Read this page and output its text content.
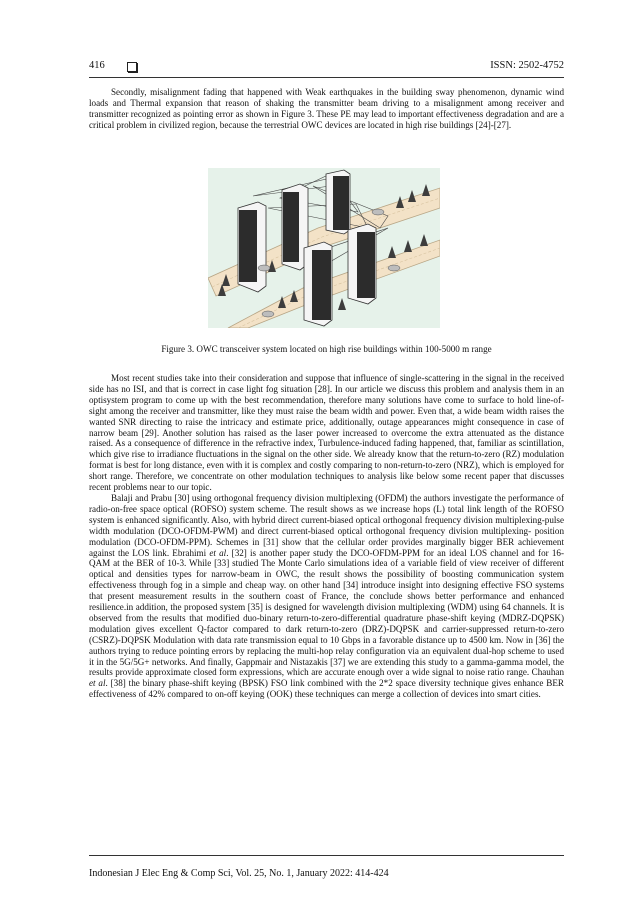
416	ISSN: 2502-4752

Secondly, misalignment fading that happened with Weak earthquakes in the building sway phenomenon, dynamic wind loads and Thermal expansion that reason of shaking the transmitter beam driving to a misalignment among receiver and transmitter recognized as pointing error as shown in Figure 3. These PE may lead to important effectiveness degradation and are a critical problem in civilized region, because the terrestrial OWC devices are located in high rise buildings [24]-[27].

Figure 3. OWC transceiver system located on high rise buildings within 100-5000 m range

Most recent studies take into their consideration and suppose that influence of single-scattering in the signal in the received side has no ISI, and that is correct in case light fog situation [28]. In our article we discuss this problem and analysis them in an optisystem program to come up with the best recommendation, therefore many solutions have come to surface to hold line-of-sight among the receiver and transmitter, like they must raise the beam width and power. Even that, a wide beam width raises the wanted SNR directing to raise the intricacy and estimate price, additionally, outage appearances might consequence in case of narrow beam [29]. Another solution has raised as the laser power increased to overcome the extra attenuated as the distance raised. As a consequence of difference in the refractive index, Turbulence-induced fading happened, that, familiar as scintillation, which give rise to irradiance fluctuations in the signal on the other side. We already know that the return-to-zero (RZ) modulation format is best for long distance, even with it is complex and costly comparing to non-return-to-zero (NRZ), which is employed for short range. Therefore, we concentrate on other modulation techniques to analysis like below some recent paper that discusses recent problems near to our topic.

Balaji and Prabu [30] using orthogonal frequency division multiplexing (OFDM) the authors investigate the performance of radio-on-free space optical (ROFSO) system scheme. The result shows as we increase hops (L) total link length of the ROFSO system is enhanced significantly. Also, with hybrid direct current-biased optical orthogonal frequency division multiplexing-pulse width modulation (DCO-OFDM-PWM) and direct current-biased optical orthogonal frequency division multiplexing- position modulation (DCO-OFDM-PPM). Schemes in [31] show that the cellular order provides marginally bigger BER achievement against the LOS link. Ebrahimi et al. [32] is another paper study the DCO-OFDM-PPM for an ideal LOS channel and for 16- QAM at the BER of 10-3. While [33] studied The Monte Carlo simulations idea of a variable field of view receiver of different optical and densities types for narrow-beam in OWC, the result shows the possibility of boosting communication system effectiveness through fog in a simple and cheap way. on other hand [34] introduce insight into designing effective FSO systems that present measurement results in the southern coast of France, the conclude shows better performance and enhanced resilience.in addition, the proposed system [35] is designed for wavelength division multiplexing (WDM) using 64 channels. It is observed from the results that modified duo-binary return-to-zero-differential quadrature phase-shift keying (MDRZ-DQPSK) modulation gives excellent Q-factor compared to dark return-to-zero (DRZ)-DQPSK and carrier-suppressed return-to-zero (CSRZ)-DQPSK Modulation with data rate transmission equal to 10 Gbps in a favorable distance up to 4500 km. Now in [36] the authors trying to reduce pointing errors by replacing the multi-hop relay configuration via an equivalent dual-hop scheme to used it in the 5G/5G+ networks. And finally, Gappmair and Nistazakis [37] we are extending this study to a gamma-gamma model, the results provide approximate closed form expressions, which are accurate enough over a wide signal to noise ratio range. Chauhan et al. [38] the binary phase-shift keying (BPSK) FSO link combined with the 2*2 space diversity technique gives enhance BER effectiveness of 42% compared to on-off keying (OOK) these techniques can merge a collection of devices into smart cities.

Indonesian J Elec Eng & Comp Sci, Vol. 25, No. 1, January 2022: 414-424
